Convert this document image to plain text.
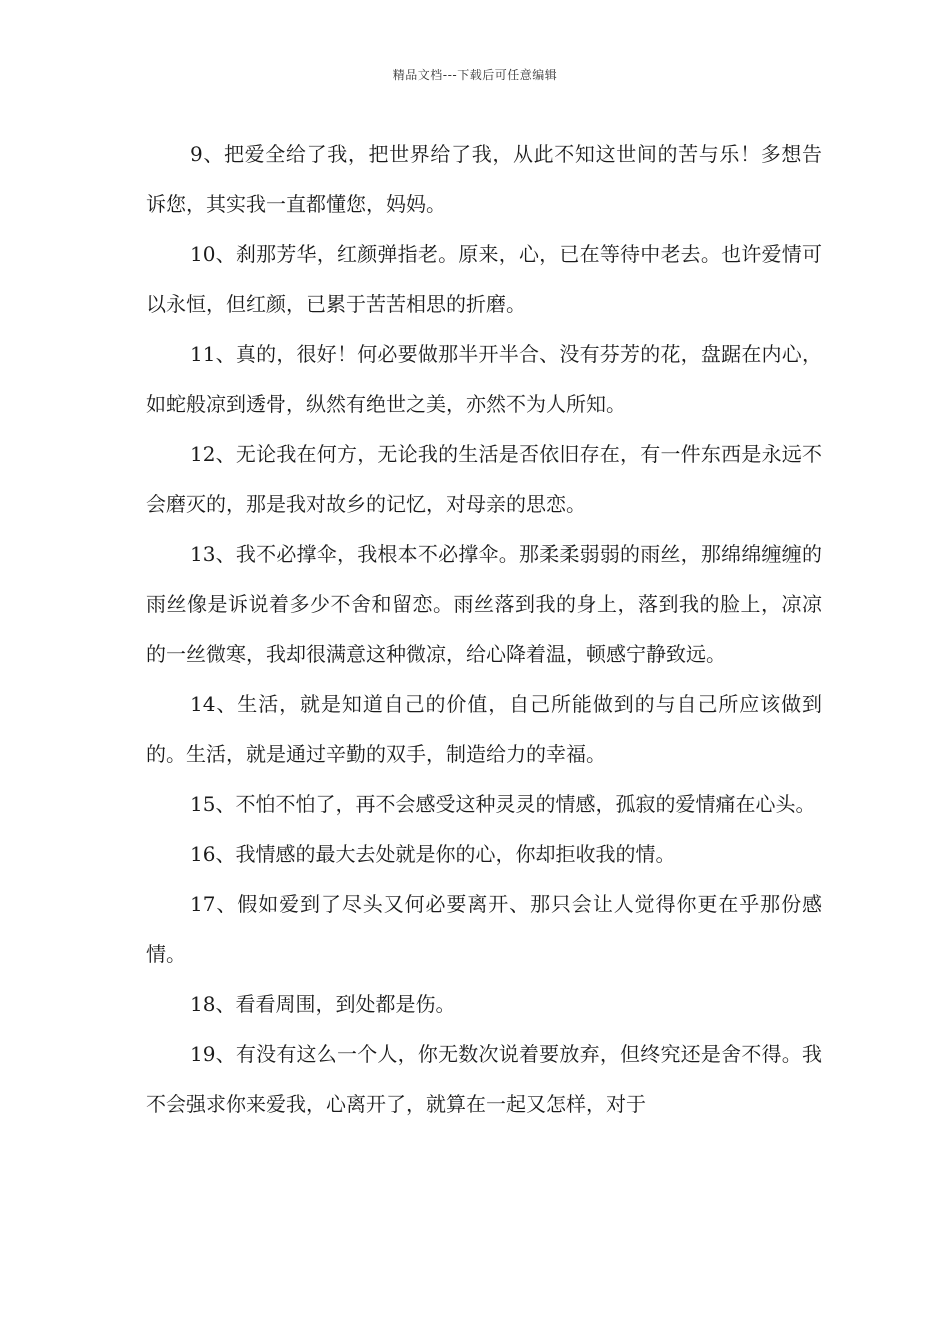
精品文档---下载后可任意编辑

9、把爱全给了我，把世界给了我，从此不知这世间的苦与乐！多想告诉您，其实我一直都懂您，妈妈。

10、刹那芳华，红颜弹指老。原来，心，已在等待中老去。也许爱情可以永恒，但红颜，已累于苦苦相思的折磨。

11、真的，很好！何必要做那半开半合、没有芬芳的花，盘踞在内心，如蛇般凉到透骨，纵然有绝世之美，亦然不为人所知。

12、无论我在何方，无论我的生活是否依旧存在，有一件东西是永远不会磨灭的，那是我对故乡的记忆，对母亲的思恋。

13、我不必撑伞，我根本不必撑伞。那柔柔弱弱的雨丝，那绵绵缠缠的雨丝像是诉说着多少不舍和留恋。雨丝落到我的身上，落到我的脸上，凉凉的一丝微寒，我却很满意这种微凉，给心降着温，顿感宁静致远。

14、生活，就是知道自己的价值，自己所能做到的与自己所应该做到的。生活，就是通过辛勤的双手，制造给力的幸福。

15、不怕不怕了，再不会感受这种灵灵的情感，孤寂的爱情痛在心头。

16、我情感的最大去处就是你的心，你却拒收我的情。

17、假如爱到了尽头又何必要离开、那只会让人觉得你更在乎那份感情。

18、看看周围，到处都是伤。

19、有没有这么一个人，你无数次说着要放弃，但终究还是舍不得。我不会强求你来爱我，心离开了，就算在一起又怎样，对于
